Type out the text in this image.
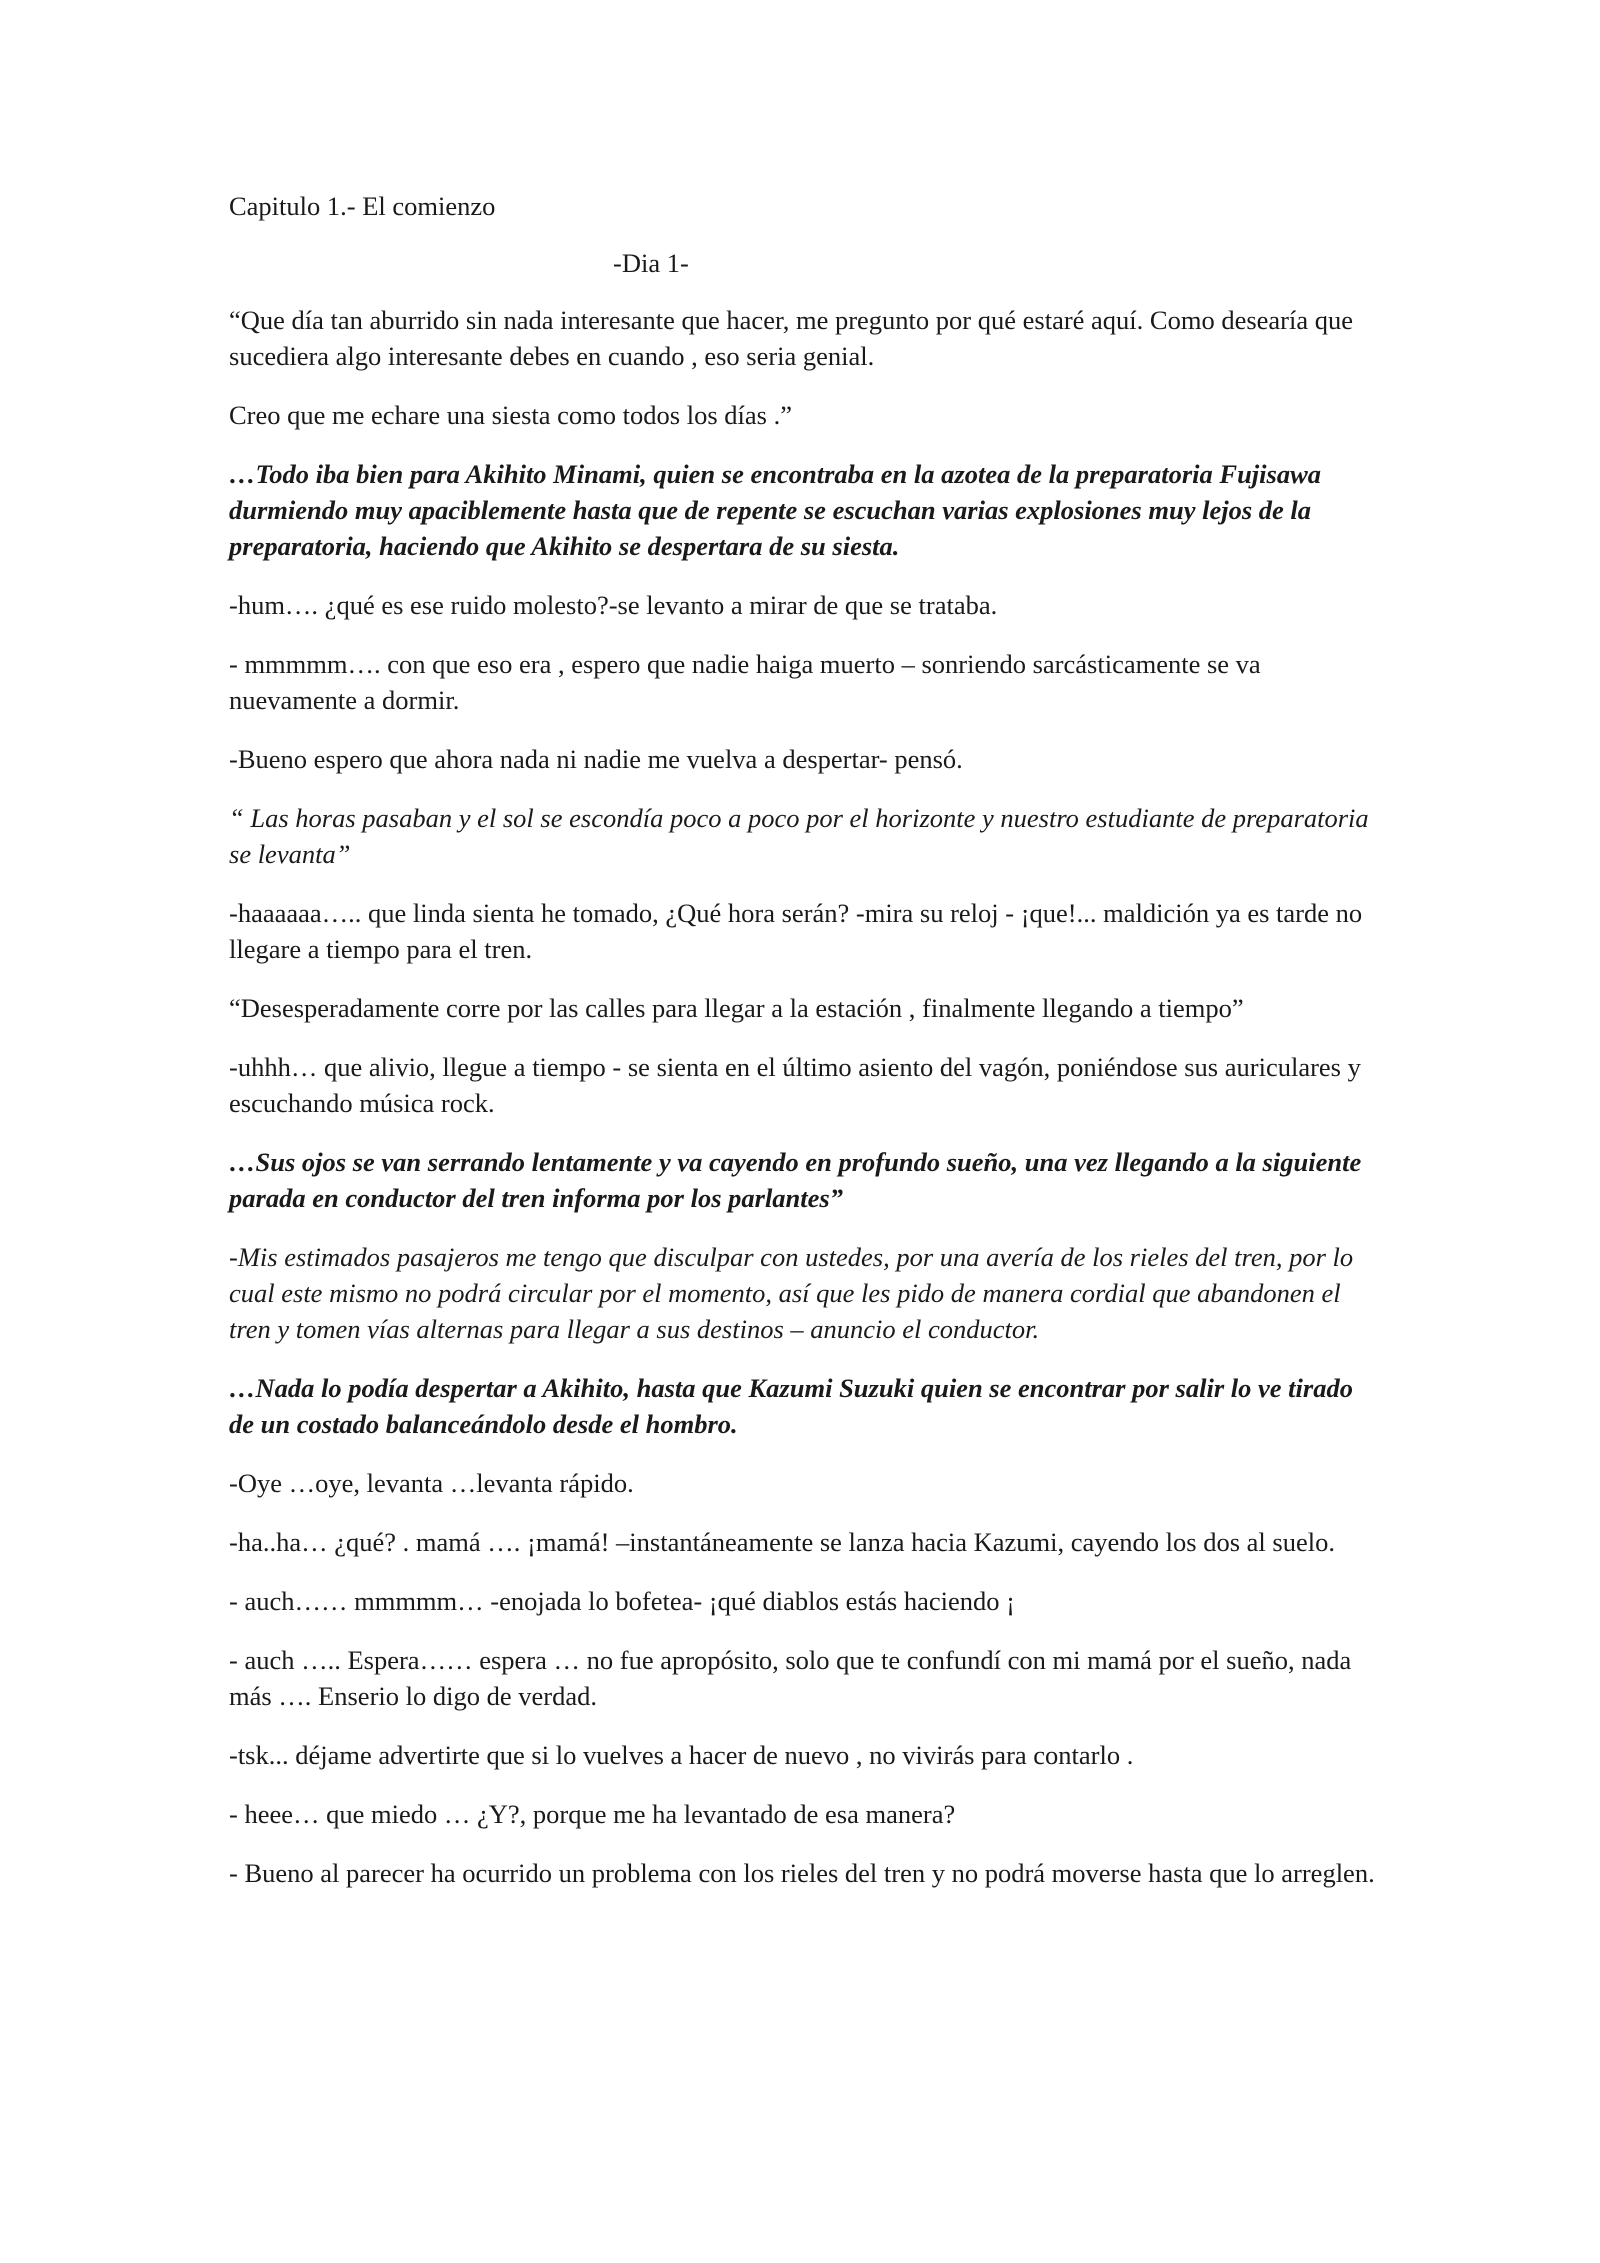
Capitulo 1.- El comienzo

-Dia 1-

“Que día tan aburrido sin nada interesante que hacer, me pregunto por qué estaré aquí. Como desearía que sucediera algo interesante debes en cuando , eso seria genial.

Creo que me echare una siesta como todos los días .”

…Todo iba bien para Akihito Minami, quien se encontraba en la azotea de la preparatoria Fujisawa durmiendo muy apaciblemente hasta que de repente se escuchan varias explosiones muy lejos de la preparatoria, haciendo que Akihito se despertara de su siesta.

-hum…. ¿qué es ese ruido molesto?-se levanto a mirar de que se trataba.

- mmmmm…. con que eso era , espero que nadie haiga muerto – sonriendo sarcásticamente se va nuevamente a dormir.

-Bueno espero que ahora nada ni nadie me vuelva a despertar- pensó.

“ Las horas pasaban y el sol se escondía poco a poco por el horizonte y nuestro estudiante de preparatoria se levanta”

-haaaaaa….. que linda sienta he tomado, ¿Qué hora serán? -mira su reloj - ¡que!... maldición ya es tarde no llegare a tiempo para el tren.

“Desesperadamente corre por las calles para llegar a la estación , finalmente llegando a tiempo”

-uhhh… que alivio, llegue a tiempo - se sienta en el último asiento del vagón, poniéndose sus auriculares y escuchando música rock.

…Sus ojos se van serrando lentamente y va cayendo en profundo sueño, una vez llegando a la siguiente parada en conductor del tren informa por los parlantes”

-Mis estimados pasajeros me tengo que disculpar con ustedes, por una avería de los rieles del tren, por lo cual este mismo no podrá circular por el momento, así que les pido de manera cordial que abandonen el tren y tomen vías alternas para llegar a sus destinos – anuncio el conductor.

…Nada lo podía despertar a Akihito, hasta que Kazumi Suzuki quien se encontrar por salir lo ve tirado de un costado balanceándolo desde el hombro.

-Oye …oye, levanta …levanta rápido.

-ha..ha… ¿qué? . mamá …. ¡mamá! –instantáneamente se lanza hacia Kazumi, cayendo los dos al suelo.

- auch…… mmmmm… -enojada lo bofetea- ¡qué diablos estás haciendo ¡

- auch ….. Espera…… espera … no fue apropósito, solo que te confundí con mi mamá por el sueño, nada más …. Enserio lo digo de verdad.

-tsk... déjame advertirte que si lo vuelves a hacer de nuevo , no vivirás para contarlo .

- heee… que miedo … ¿Y?, porque me ha levantado de esa manera?

- Bueno al parecer ha ocurrido un problema con los rieles del tren y no podrá moverse hasta que lo arreglen.
